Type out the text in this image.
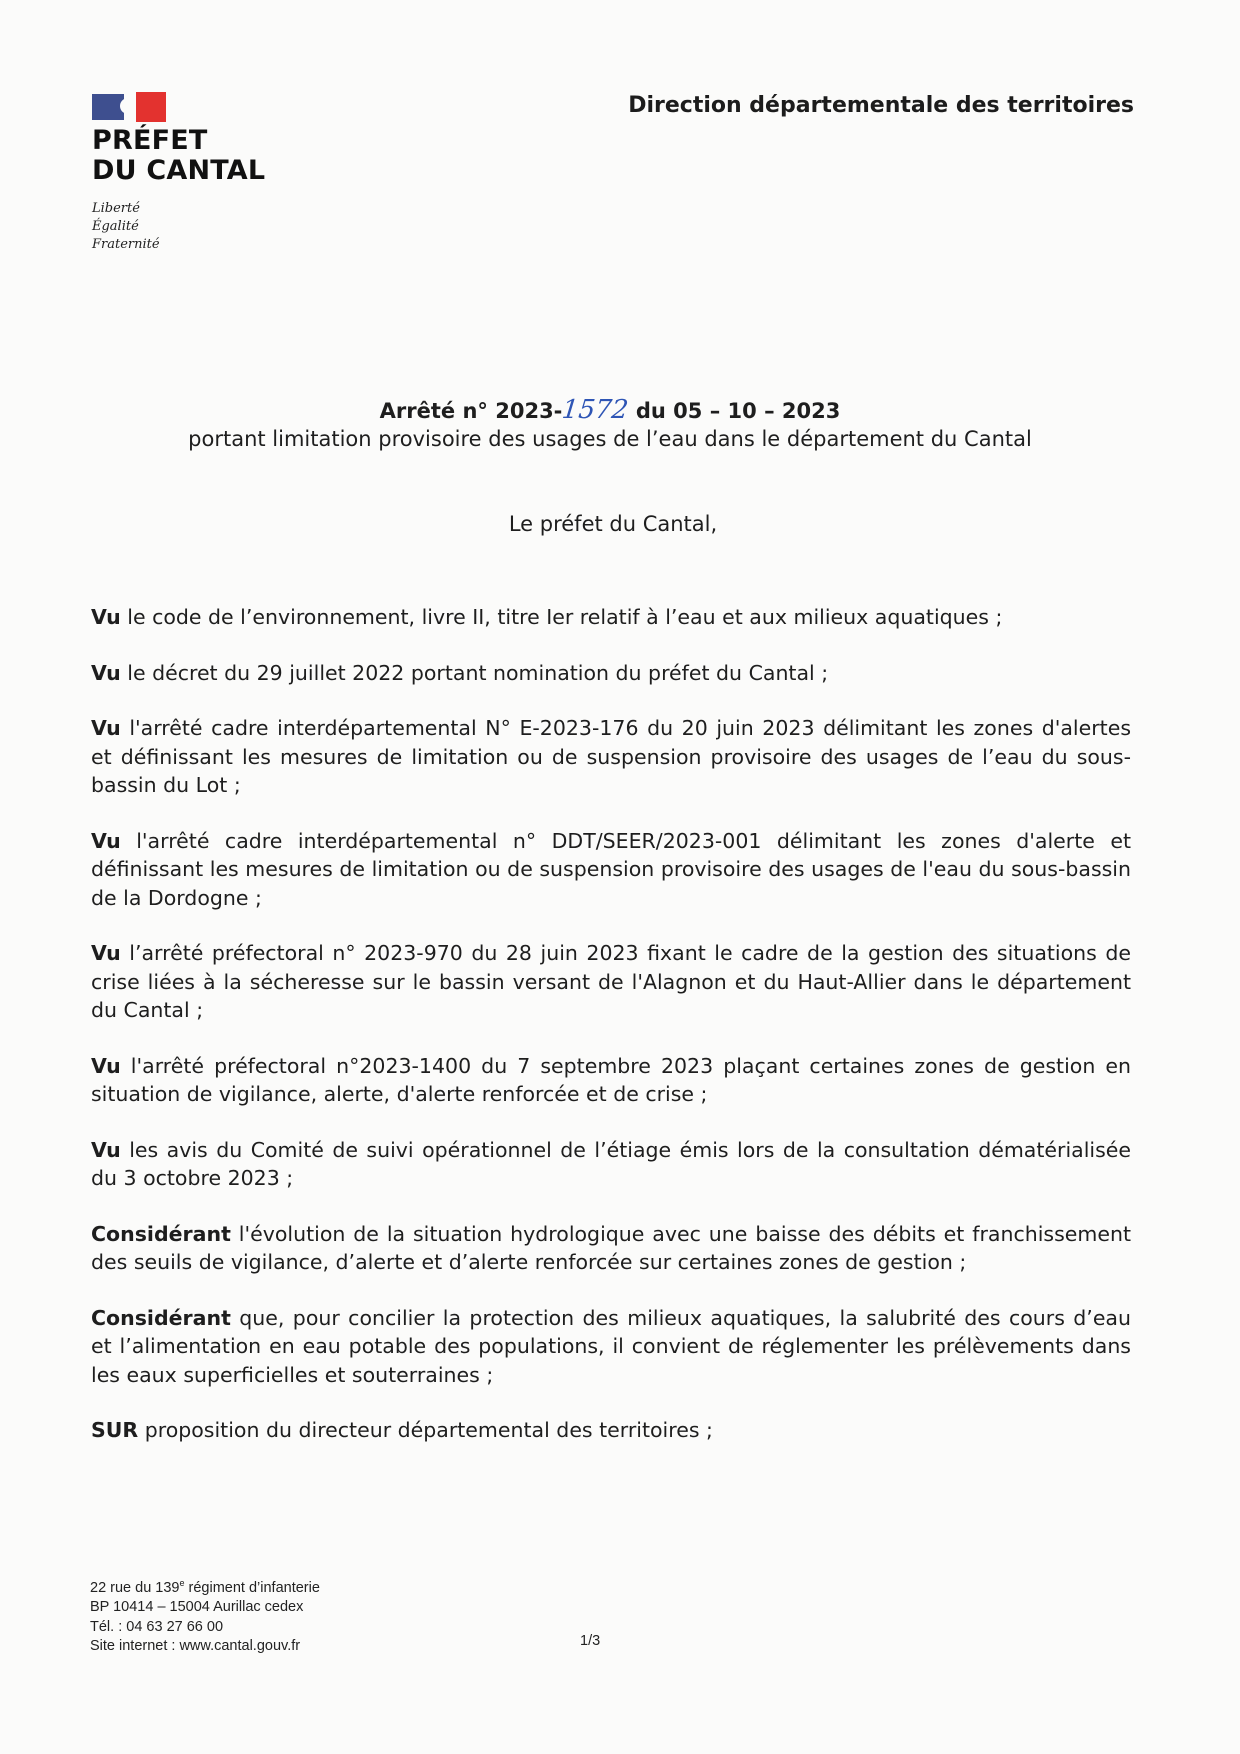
PRÉFET
DU CANTAL
Liberté
Égalité
Fraternité
Direction départementale des territoires
Arrêté n° 2023-1572 du 05 – 10 – 2023
portant limitation provisoire des usages de l’eau dans le département du Cantal
Le préfet du Cantal,

Vu le code de l’environnement, livre II, titre Ier relatif à l’eau et aux milieux aquatiques ;

Vu le décret du 29 juillet 2022 portant nomination du préfet du Cantal ;

Vu l'arrêté cadre interdépartemental N° E-2023-176 du 20 juin 2023 délimitant les zones d'alertes et définissant les mesures de limitation ou de suspension provisoire des usages de l’eau du sous-bassin du Lot ;

Vu l'arrêté cadre interdépartemental n° DDT/SEER/2023-001 délimitant les zones d'alerte et définissant les mesures de limitation ou de suspension provisoire des usages de l'eau du sous-bassin de la Dordogne ;

Vu l’arrêté préfectoral n° 2023-970 du 28 juin 2023 fixant le cadre de la gestion des situations de crise liées à la sécheresse sur le bassin versant de l'Alagnon et du Haut-Allier dans le département du Cantal ;

Vu l'arrêté préfectoral n°2023-1400 du 7 septembre 2023 plaçant certaines zones de gestion en situation de vigilance, alerte, d'alerte renforcée et de crise ;

Vu les avis du Comité de suivi opérationnel de l’étiage émis lors de la consultation dématérialisée du 3 octobre 2023 ;

Considérant l'évolution de la situation hydrologique avec une baisse des débits et franchissement des seuils de vigilance, d’alerte et d’alerte renforcée sur certaines zones de gestion ;

Considérant que, pour concilier la protection des milieux aquatiques, la salubrité des cours d’eau et l’alimentation en eau potable des populations, il convient de réglementer les prélèvements dans les eaux superficielles et souterraines ;

SUR proposition du directeur départemental des territoires ;

22 rue du 139e régiment d’infanterie
BP 10414 – 15004 Aurillac cedex
Tél. : 04 63 27 66 00
Site internet : www.cantal.gouv.fr	1/3
